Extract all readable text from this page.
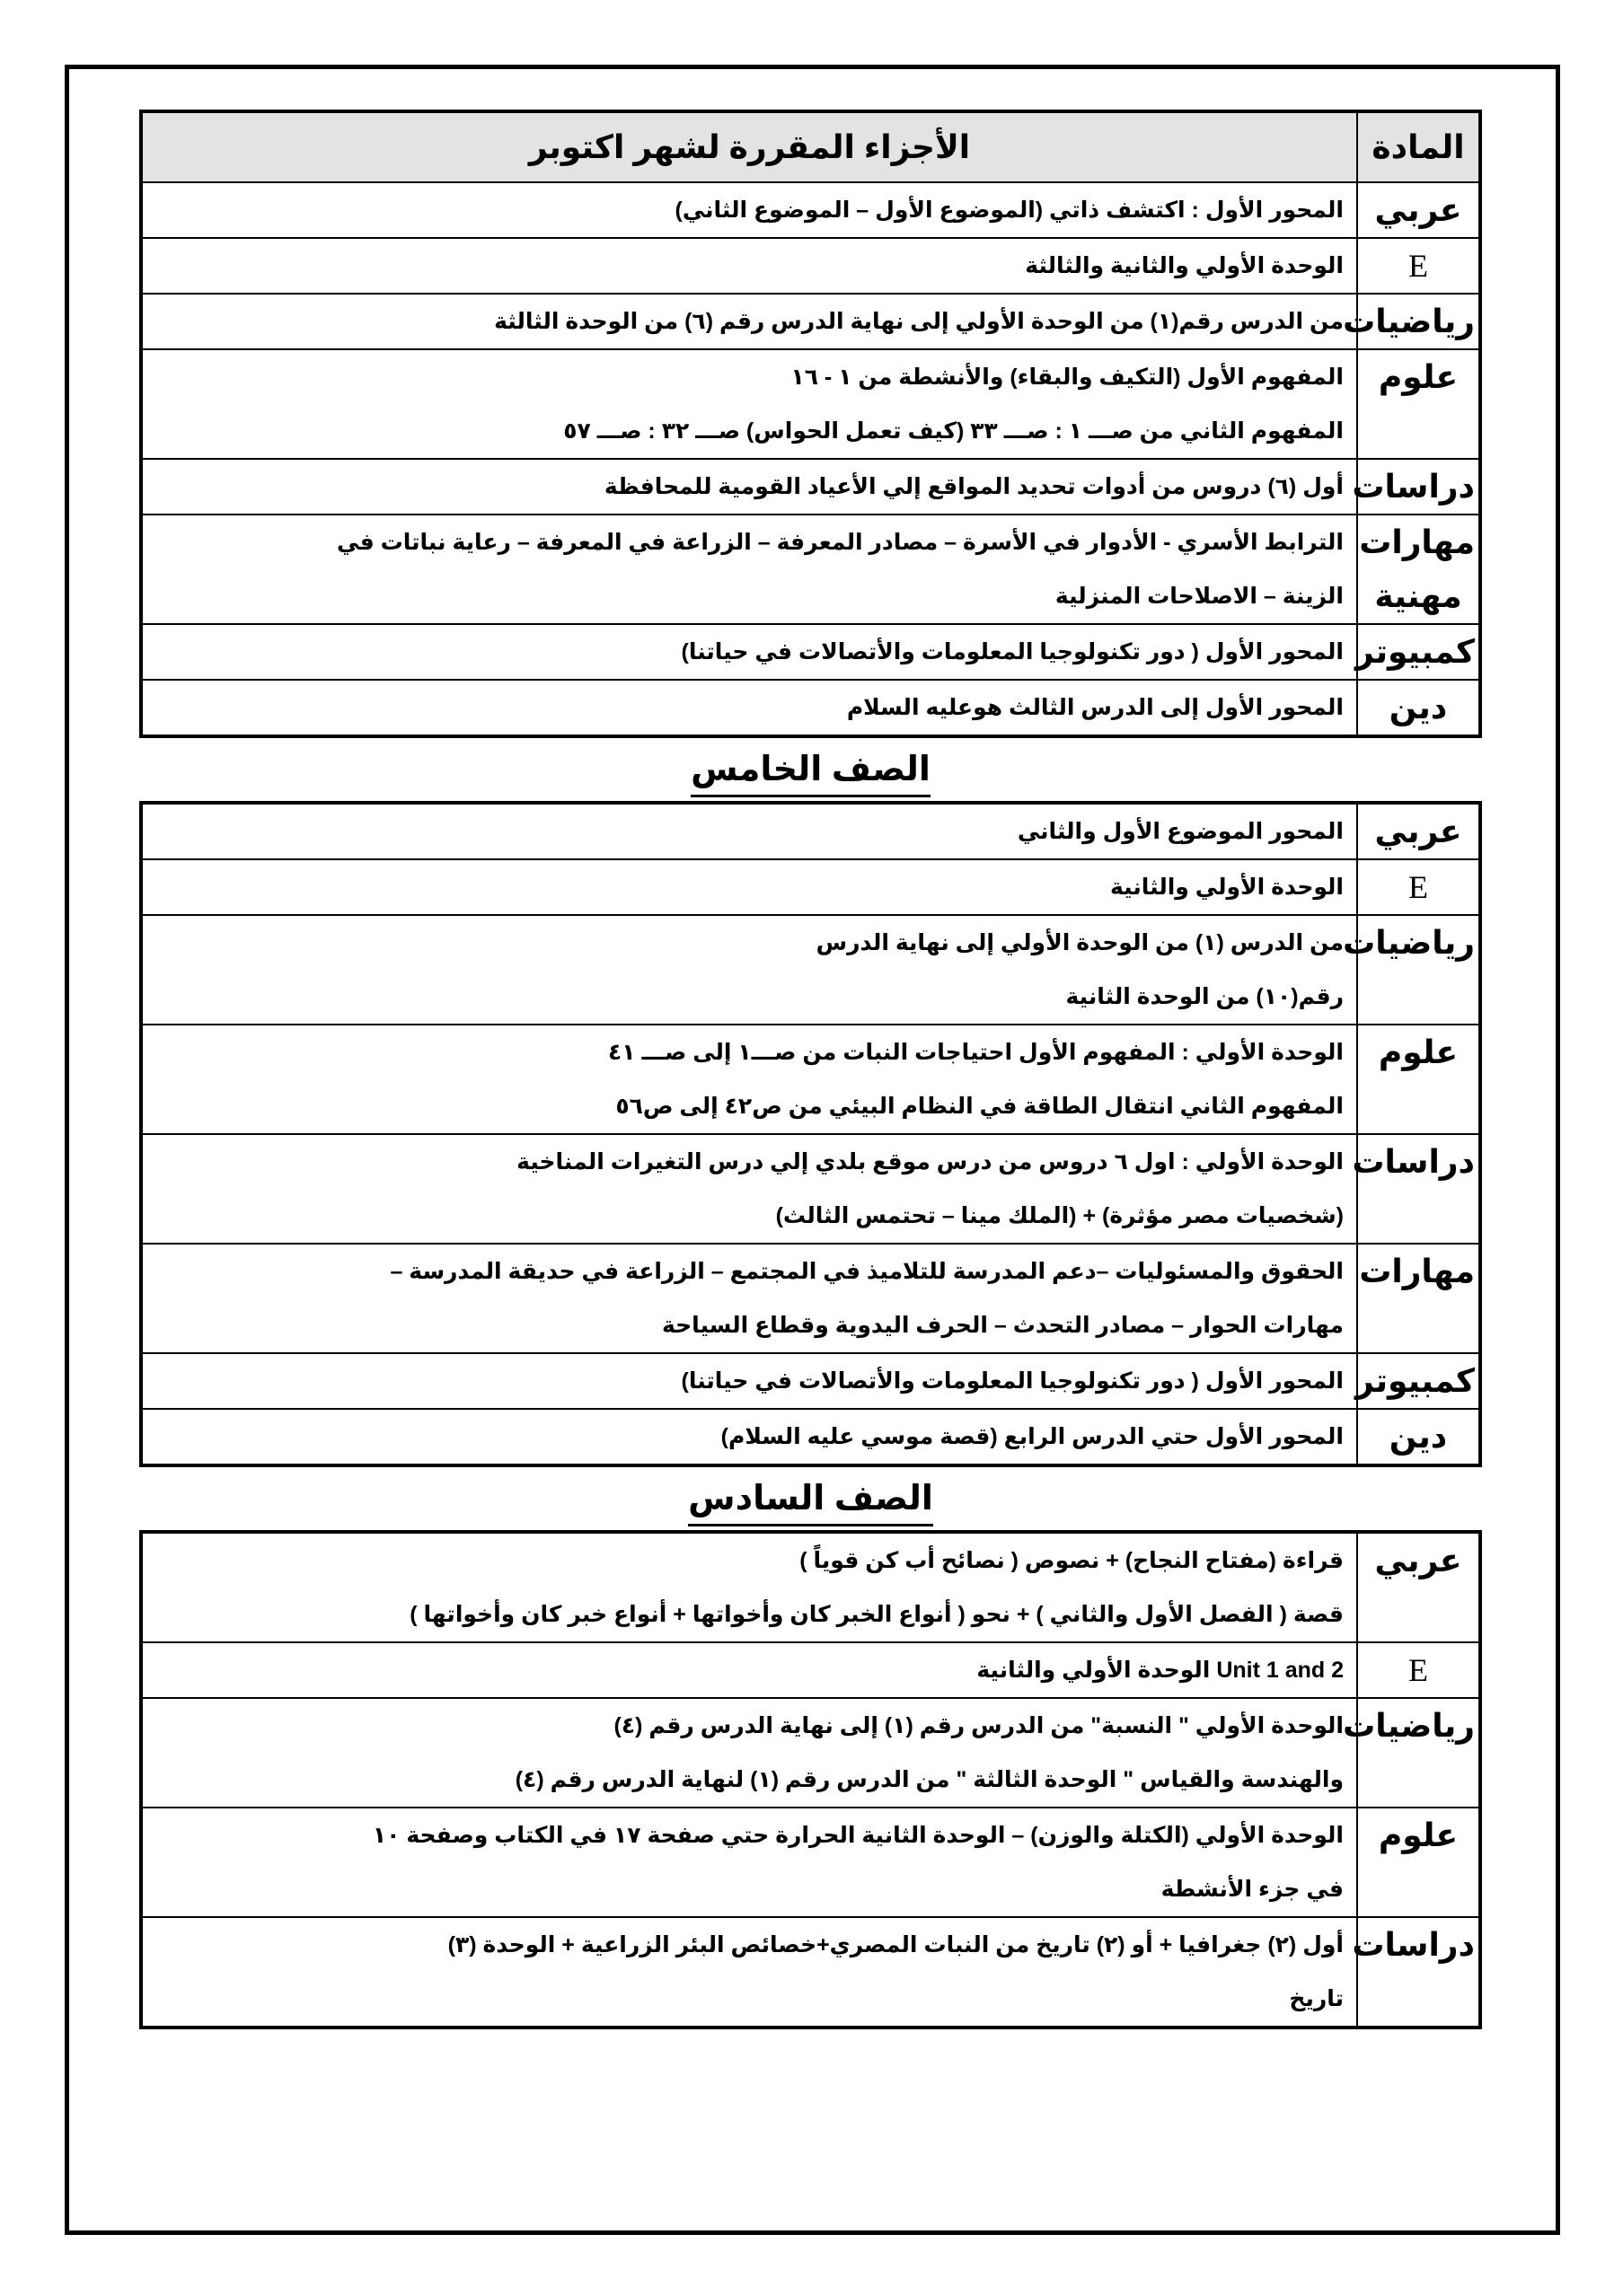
المادة	الأجزاء المقررة لشهر اكتوبر
عربي	المحور الأول : اكتشف ذاتي (الموضوع الأول – الموضوع الثاني)

E	الوحدة الأولي والثانية والثالثة

رياضيات	من الدرس رقم(١) من الوحدة الأولي إلى نهاية الدرس رقم (٦) من الوحدة الثالثة

علوم	المفهوم الأول (التكيف والبقاء) والأنشطة من ١ - ١٦
المفهوم الثاني من صـــ ١ : صـــ ٣٣ (كيف تعمل الحواس) صـــ ٣٢ : صـــ ٥٧

دراسات	أول (٦) دروس من أدوات تحديد المواقع إلي الأعياد القومية للمحافظة

مهارات مهنية	الترابط الأسري - الأدوار في الأسرة – مصادر المعرفة – الزراعة في المعرفة – رعاية نباتات في
الزينة – الاصلاحات المنزلية

كمبيوتر	المحور الأول ( دور تكنولوجيا المعلومات والأتصالات في حياتنا)

دين	المحور الأول إلى الدرس الثالث هوعليه السلام
الصف الخامس
عربي	المحور الموضوع الأول والثاني

E	الوحدة الأولي والثانية

رياضيات	من الدرس (١) من الوحدة الأولي إلى نهاية الدرس
رقم(١٠) من الوحدة الثانية

علوم	الوحدة الأولي : المفهوم الأول احتياجات النبات من صـــ١ إلى صـــ ٤١
المفهوم الثاني انتقال الطاقة في النظام البيئي من ص٤٢ إلى ص٥٦

دراسات	الوحدة الأولي : اول ٦ دروس من درس موقع بلدي إلي درس التغيرات المناخية
(شخصيات مصر مؤثرة) + (الملك مينا – تحتمس الثالث)

مهارات	الحقوق والمسئوليات –دعم المدرسة للتلاميذ في المجتمع – الزراعة في حديقة المدرسة –
مهارات الحوار – مصادر التحدث – الحرف اليدوية وقطاع السياحة

كمبيوتر	المحور الأول ( دور تكنولوجيا المعلومات والأتصالات في حياتنا)

دين	المحور الأول حتي الدرس الرابع (قصة موسي عليه السلام)
الصف السادس
عربي	قراءة (مفتاح النجاح) + نصوص ( نصائح أب كن قوياً )
قصة ( الفصل الأول والثاني ) + نحو ( أنواع الخبر كان وأخواتها + أنواع خبر كان وأخواتها )

E	Unit 1 and 2 الوحدة الأولي والثانية

رياضيات	الوحدة الأولي " النسبة" من الدرس رقم (١) إلى نهاية الدرس رقم (٤)
والهندسة والقياس " الوحدة الثالثة " من الدرس رقم (١) لنهاية الدرس رقم (٤)

علوم	الوحدة الأولي (الكتلة والوزن) – الوحدة الثانية الحرارة حتي صفحة ١٧ في الكتاب وصفحة ١٠
في جزء الأنشطة

دراسات	أول (٢) جغرافيا + أو (٢) تاريخ من النبات المصري+خصائص البئر الزراعية + الوحدة (٣)
تاريخ
